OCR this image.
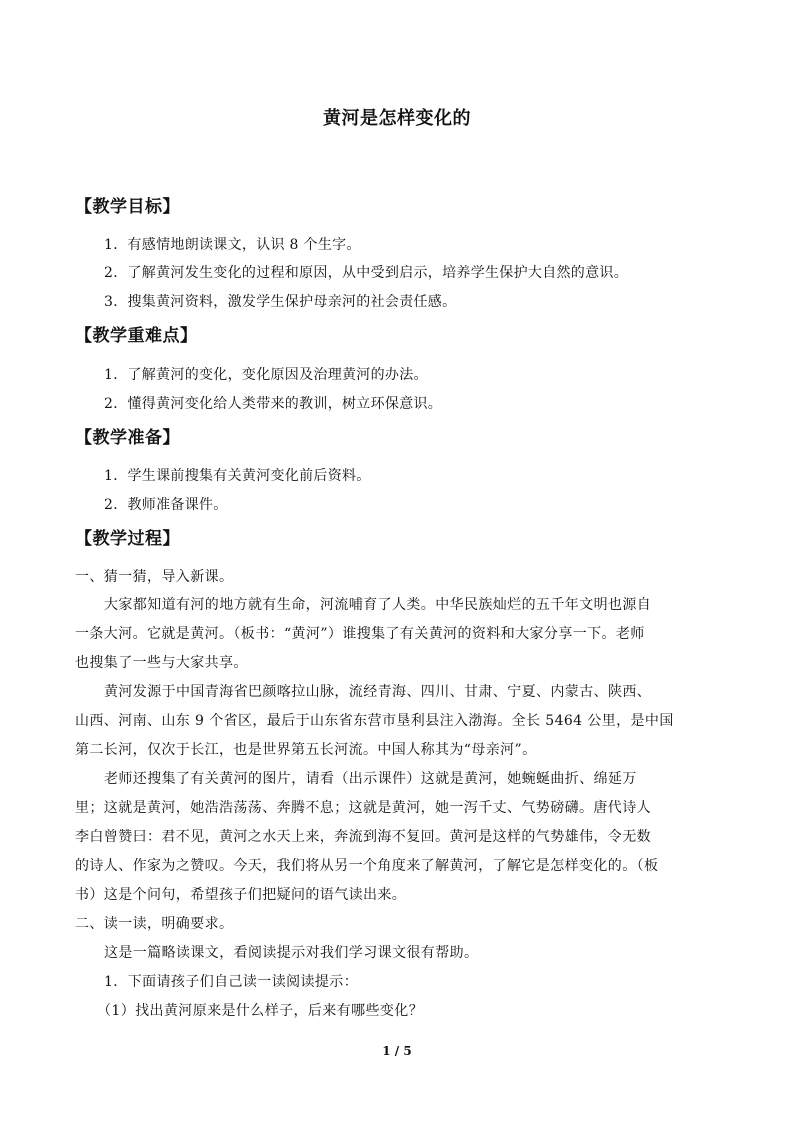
黄河是怎样变化的
【教学目标】
1．有感情地朗读课文，认识 8 个生字。
2．了解黄河发生变化的过程和原因，从中受到启示，培养学生保护大自然的意识。
3．搜集黄河资料，激发学生保护母亲河的社会责任感。
【教学重难点】
1．了解黄河的变化，变化原因及治理黄河的办法。
2．懂得黄河变化给人类带来的教训，树立环保意识。
【教学准备】
1．学生课前搜集有关黄河变化前后资料。
2．教师准备课件。
【教学过程】
一、猜一猜，导入新课。
大家都知道有河的地方就有生命，河流哺育了人类。中华民族灿烂的五千年文明也源自
一条大河。它就是黄河。（板书：“黄河”）谁搜集了有关黄河的资料和大家分享一下。老师
也搜集了一些与大家共享。
黄河发源于中国青海省巴颜喀拉山脉，流经青海、四川、甘肃、宁夏、内蒙古、陕西、
山西、河南、山东 9 个省区，最后于山东省东营市垦利县注入渤海。全长 5464 公里，是中国
第二长河，仅次于长江，也是世界第五长河流。中国人称其为“母亲河”。
老师还搜集了有关黄河的图片，请看（出示课件）这就是黄河，她蜿蜒曲折、绵延万
里；这就是黄河，她浩浩荡荡、奔腾不息；这就是黄河，她一泻千丈、气势磅礴。唐代诗人
李白曾赞曰：君不见，黄河之水天上来，奔流到海不复回。黄河是这样的气势雄伟，令无数
的诗人、作家为之赞叹。今天，我们将从另一个角度来了解黄河，了解它是怎样变化的。（板
书）这是个问句，希望孩子们把疑问的语气读出来。
二、读一读，明确要求。
这是一篇略读课文，看阅读提示对我们学习课文很有帮助。
1．下面请孩子们自己读一读阅读提示：
（1）找出黄河原来是什么样子，后来有哪些变化？
1 / 5
